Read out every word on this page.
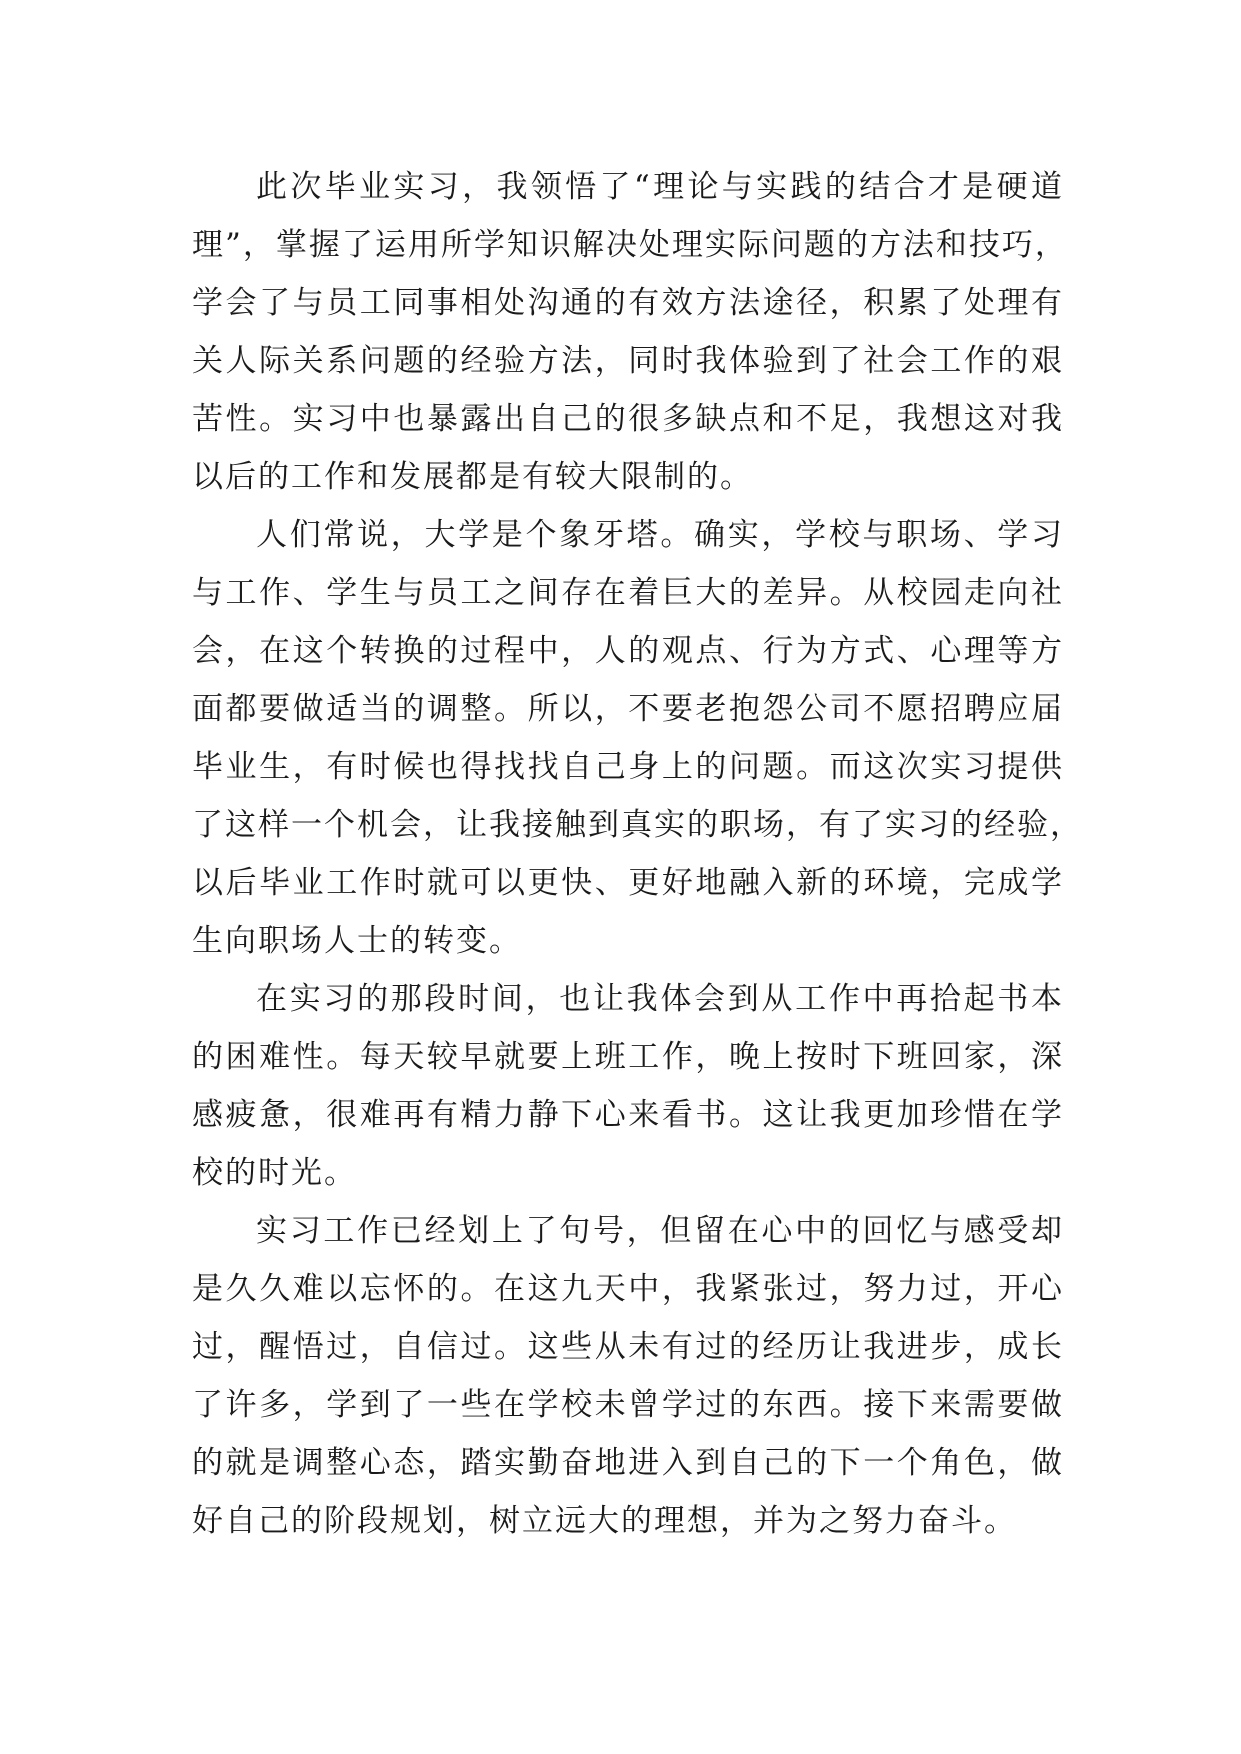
此次毕业实习，我领悟了“理论与实践的结合才是硬道
理”，掌握了运用所学知识解决处理实际问题的方法和技巧，
学会了与员工同事相处沟通的有效方法途径，积累了处理有
关人际关系问题的经验方法，同时我体验到了社会工作的艰
苦性。实习中也暴露出自己的很多缺点和不足，我想这对我
以后的工作和发展都是有较大限制的。
人们常说，大学是个象牙塔。确实，学校与职场、学习
与工作、学生与员工之间存在着巨大的差异。从校园走向社
会，在这个转换的过程中，人的观点、行为方式、心理等方
面都要做适当的调整。所以，不要老抱怨公司不愿招聘应届
毕业生，有时候也得找找自己身上的问题。而这次实习提供
了这样一个机会，让我接触到真实的职场，有了实习的经验，
以后毕业工作时就可以更快、更好地融入新的环境，完成学
生向职场人士的转变。
在实习的那段时间，也让我体会到从工作中再拾起书本
的困难性。每天较早就要上班工作，晚上按时下班回家，深
感疲惫，很难再有精力静下心来看书。这让我更加珍惜在学
校的时光。
实习工作已经划上了句号，但留在心中的回忆与感受却
是久久难以忘怀的。在这九天中，我紧张过，努力过，开心
过，醒悟过，自信过。这些从未有过的经历让我进步，成长
了许多，学到了一些在学校未曾学过的东西。接下来需要做
的就是调整心态，踏实勤奋地进入到自己的下一个角色，做
好自己的阶段规划，树立远大的理想，并为之努力奋斗。
